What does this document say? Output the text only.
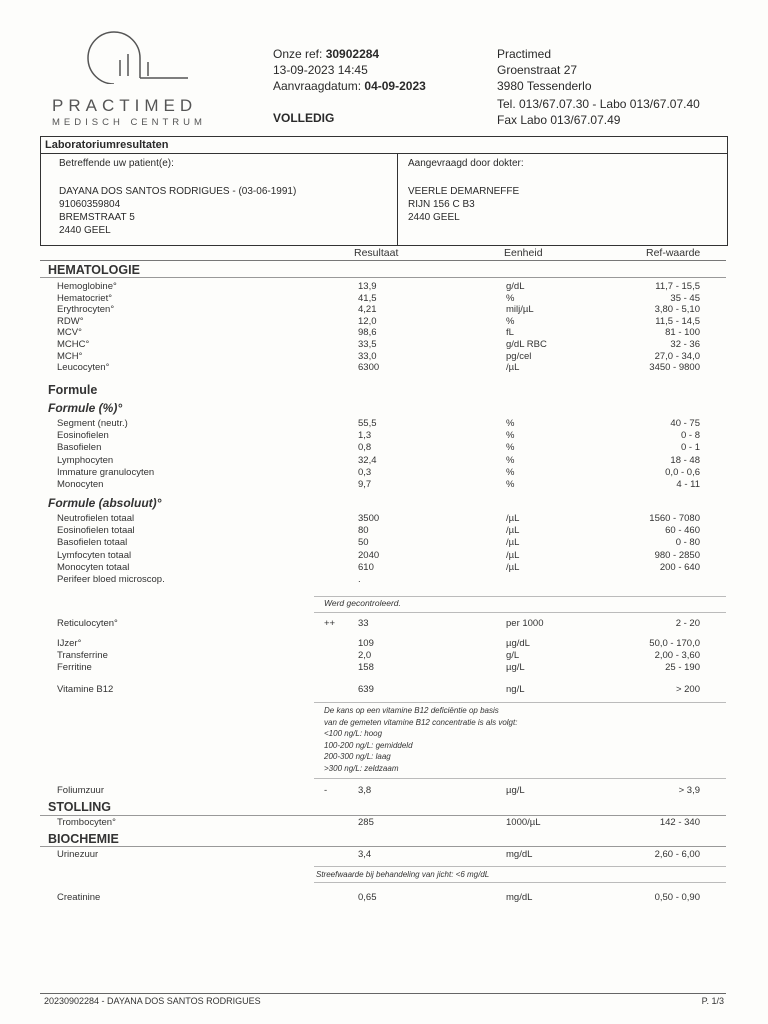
PRACTIMED
MEDISCH CENTRUM
Onze ref: 30902284
13-09-2023 14:45
Aanvraagdatum: 04-09-2023
VOLLEDIG
Practimed
Groenstraat 27
3980 Tessenderlo
Tel. 013/67.07.30 - Labo 013/67.07.40
Fax Labo 013/67.07.49
Laboratoriumresultaten
Betreffende uw patient(e):
DAYANA DOS SANTOS RODRIGUES - (03-06-1991)
91060359804
BREMSTRAAT 5
2440 GEEL
Aangevraagd door dokter:
VEERLE DEMARNEFFE
RIJN 156 C B3
2440 GEEL
Resultaat	Eenheid	Ref-waarde
HEMATOLOGIE
Formule
Formule (%)°
Formule (absoluut)°
STOLLING
BIOCHEMIE
Hemoglobine°	13,9	g/dL	11,7 - 15,5
Hematocriet°	41,5	%	35 - 45
Erythrocyten°	4,21	milj/µL	3,80 - 5,10
RDW°	12,0	%	11,5 - 14,5
MCV°	98,6	fL	81 - 100
MCHC°	33,5	g/dL RBC	32 - 36
MCH°	33,0	pg/cel	27,0 - 34,0
Leucocyten°	6300	/µL	3450 - 9800
Segment (neutr.)	55,5	%	40 - 75
Eosinofielen	1,3	%	0 - 8
Basofielen	0,8	%	0 - 1
Lymphocyten	32,4	%	18 - 48
Immature granulocyten	0,3	%	0,0 - 0,6
Monocyten	9,7	%	4 - 11
Neutrofielen totaal	3500	/µL	1560 - 7080
Eosinofielen totaal	80	/µL	60 - 460
Basofielen totaal	50	/µL	0 - 80
Lymfocyten totaal	2040	/µL	980 - 2850
Monocyten totaal	610	/µL	200 - 640
Perifeer bloed microscop.	.
IJzer°	109	µg/dL	50,0 - 170,0
Transferrine	2,0	g/L	2,00 - 3,60
Ferritine	158	µg/L	25 - 190
Reticulocyten°	++ 33	per 1000	2 - 20
Vitamine B12	639	ng/L	> 200
Foliumzuur	-	3,8	µg/L	> 3,9
Trombocyten°	285	1000/µL	142 - 340
Urinezuur	3,4	mg/dL	2,60 - 6,00
Creatinine	0,65	mg/dL	0,50 - 0,90
Werd gecontroleerd.
De kans op een vitamine B12 deficiëntie op basis
van de gemeten vitamine B12 concentratie is als volgt:
<100 ng/L: hoog
100-200 ng/L: gemiddeld
200-300 ng/L: laag
>300 ng/L: zeldzaam
Streefwaarde bij behandeling van jicht: <6 mg/dL
20230902284 - DAYANA DOS SANTOS RODRIGUES	P. 1/3
